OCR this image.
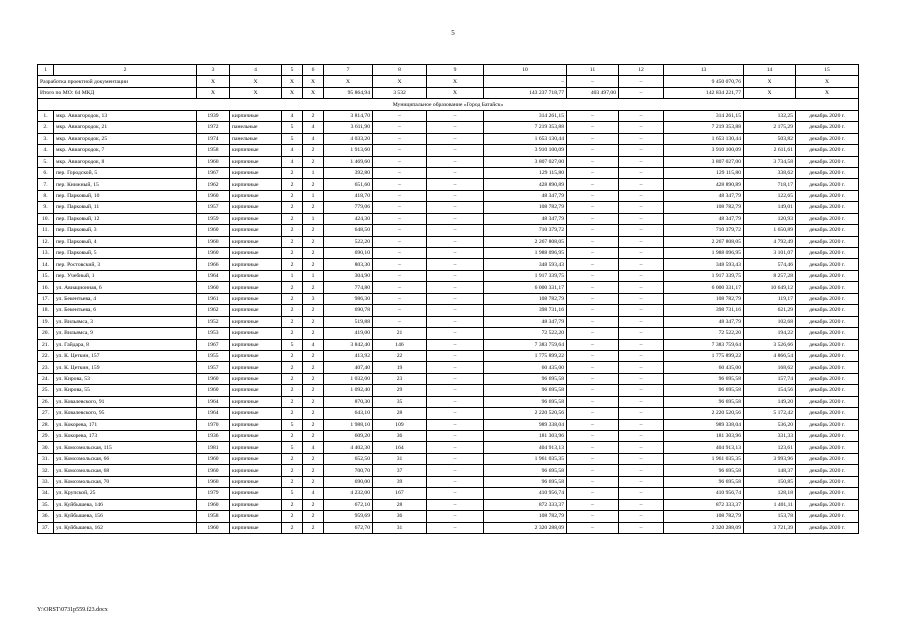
5
1	2	3	4	5	6	7	8	9	10	11	12	13	14	15
Разработка проектной документации		X	X	X	X	X	X	X	–	–	–	9 450 070,76	X	X
Итого по МО: 64 МКД		X	X	X	X	95 864,94	3 532	X	143 237 718,77	403 497,00	–	142 834 221,77	X	X
Муниципальное образование «Город Батайск»														
1.	мкр. Авиагородок, 13	1939	кирпичные	4	2	3 814,70	–	–	314 261,15	–	–	314 261,15	132,25	декабрь 2020 г.
2.	мкр. Авиагородок, 21	1972	панельные	5	4	3 611,90	–	–	7 219 353,88	–	–	7 219 353,88	2 175,29	декабрь 2020 г.
3.	мкр. Авиагородок, 25	1974	панельные	5	4	4 033,20	–	–	1 653 130,44	–	–	1 653 130,44	503,82	декабрь 2020 г.
4.	мкр. Авиагородок, 7	1958	кирпичные	4	2	1 913,60	–	–	3 910 100,09	–	–	3 910 100,09	2 611,61	декабрь 2020 г.
5.	мкр. Авиагородок, 8	1960	кирпичные	4	2	1 469,60	–	–	3 807 027,00	–	–	3 807 027,00	3 734,58	декабрь 2020 г.
6.	пер. Городской, 5	1967	кирпичные	2	1	392,80	–	–	129 115,80	–	–	129 115,80	338,62	декабрь 2020 г.
7.	пер. Книжный, 15	1962	кирпичные	2	2	651,60	–	–	428 890,89	–	–	428 890,89	718,17	декабрь 2020 г.
8.	пер. Парковый, 10	1960	кирпичные	2	1	418,70	–	–	48 347,79	–	–	48 347,79	122,65	декабрь 2020 г.
9.	пер. Парковый, 11	1957	кирпичные	2	2	779,06	–	–	108 782,79	–	–	108 782,79	149,01	декабрь 2020 г.
10.	пер. Парковый, 12	1959	кирпичные	2	1	424,30	–	–	48 347,79	–	–	48 347,79	120,93	декабрь 2020 г.
11.	пер. Парковый, 3	1960	кирпичные	2	2	648,50	–	–	710 379,72	–	–	710 379,72	1 650,89	декабрь 2020 г.
12.	пер. Парковый, 4	1960	кирпичные	2	2	522,20	–	–	2 267 808,05	–	–	2 267 808,05	4 792,49	декабрь 2020 г.
13.	пер. Парковый, 5	1960	кирпичные	2	2	690,10	–	–	1 988 096,95	–	–	1 988 096,95	3 101,07	декабрь 2020 г.
14.	пер. Ростовский, 3	1966	кирпичные	2	2	803,30	–	–	348 593,43	–	–	348 593,43	574,46	декабрь 2020 г.
15.	пер. Учебный, 1	1964	кирпичные	1	1	304,90	–	–	1 917 339,75	–	–	1 917 339,75	8 257,28	декабрь 2020 г.
16.	ул. Авиационная, 6	1960	кирпичные	2	2	774,80	–	–	6 000 331,17	–	–	6 000 331,17	10 649,12	декабрь 2020 г.
17.	ул. Бекентьева, 4	1961	кирпичные	2	3	986,30	–	–	108 782,79	–	–	108 782,79	119,17	декабрь 2020 г.
18.	ул. Бекентьева, 6	1962	кирпичные	2	2	690,78	–	–	398 731,16	–	–	398 731,16	621,29	декабрь 2020 г.
19.	ул. Вильямса, 3	1952	кирпичные	2	2	519,88	–	–	48 347,79	–	–	48 347,79	102,68	декабрь 2020 г.
20.	ул. Вильямса, 9	1953	кирпичные	2	2	419,00	21	–	72 522,20	–	–	72 522,20	194,22	декабрь 2020 г.
21.	ул. Гайдара, 8	1967	кирпичные	5	4	3 842,40	146	–	7 383 759,64	–	–	7 383 759,64	3 526,66	декабрь 2020 г.
22.	ул. К. Цеткин, 157	1955	кирпичные	2	2	413,92	22	–	1 775 899,22	–	–	1 775 899,22	4 866,54	декабрь 2020 г.
23.	ул. К. Цеткин, 159	1957	кирпичные	2	2	407,40	19	–	60 435,00	–	–	60 435,00	168,62	декабрь 2020 г.
24.	ул. Кирова, 53	1960	кирпичные	2	2	1 032,00	23	–	96 695,58	–	–	96 695,58	157,74	декабрь 2020 г.
25.	ул. Кирова, 55	1960	кирпичные	2	2	1 092,40	29	–	96 695,58	–	–	96 695,58	154,56	декабрь 2020 г.
26.	ул. Ковалевского, 91	1964	кирпичные	2	2	870,30	35	–	96 695,58	–	–	96 695,58	149,20	декабрь 2020 г.
27.	ул. Ковалевского, 95	1964	кирпичные	2	2	643,10	28	–	2 220 520,56	–	–	2 220 520,56	5 172,42	декабрь 2020 г.
28.	ул. Кокорева, 171	1970	кирпичные	5	2	1 988,10	109	–	989 338,04	–	–	989 338,04	536,20	декабрь 2020 г.
29.	ул. Кокорева, 173	1936	кирпичные	2	2	609,20	36	–	181 303,96	–	–	181 303,96	331,33	декабрь 2020 г.
30.	ул. Комсомольская, 115	1981	кирпичные	5	4	4 402,30	164	–	404 913,13	–	–	404 913,13	123,61	декабрь 2020 г.
31.	ул. Комсомольская, 66	1960	кирпичные	2	2	652,50	31	–	1 961 035,35	–	–	1 961 035,35	3 993,96	декабрь 2020 г.
32.	ул. Комсомольская, 68	1960	кирпичные	2	2	700,70	37	–	96 695,58	–	–	96 695,58	148,37	декабрь 2020 г.
33.	ул. Комсомольская, 70	1960	кирпичные	2	2	690,00	39	–	96 695,58	–	–	96 695,58	150,85	декабрь 2020 г.
34.	ул. Крупской, 25	1979	кирпичные	5	4	4 232,00	167	–	410 956,74	–	–	410 956,74	128,18	декабрь 2020 г.
35.	ул. Куйбышева, 146	1960	кирпичные	2	2	672,10	28	–	872 333,37	–	–	872 333,37	1 401,11	декабрь 2020 г.
36.	ул. Куйбышева, 156	1958	кирпичные	2	2	959,69	36	–	108 782,79	–	–	108 782,79	153,78	декабрь 2020 г.
37.	ул. Куйбышева, 162	1960	кирпичные	2	2	672,70	31	–	2 320 288,09	–	–	2 320 288,09	3 721,39	декабрь 2020 г.
Y:\ORST\0731p559.f23.docx
